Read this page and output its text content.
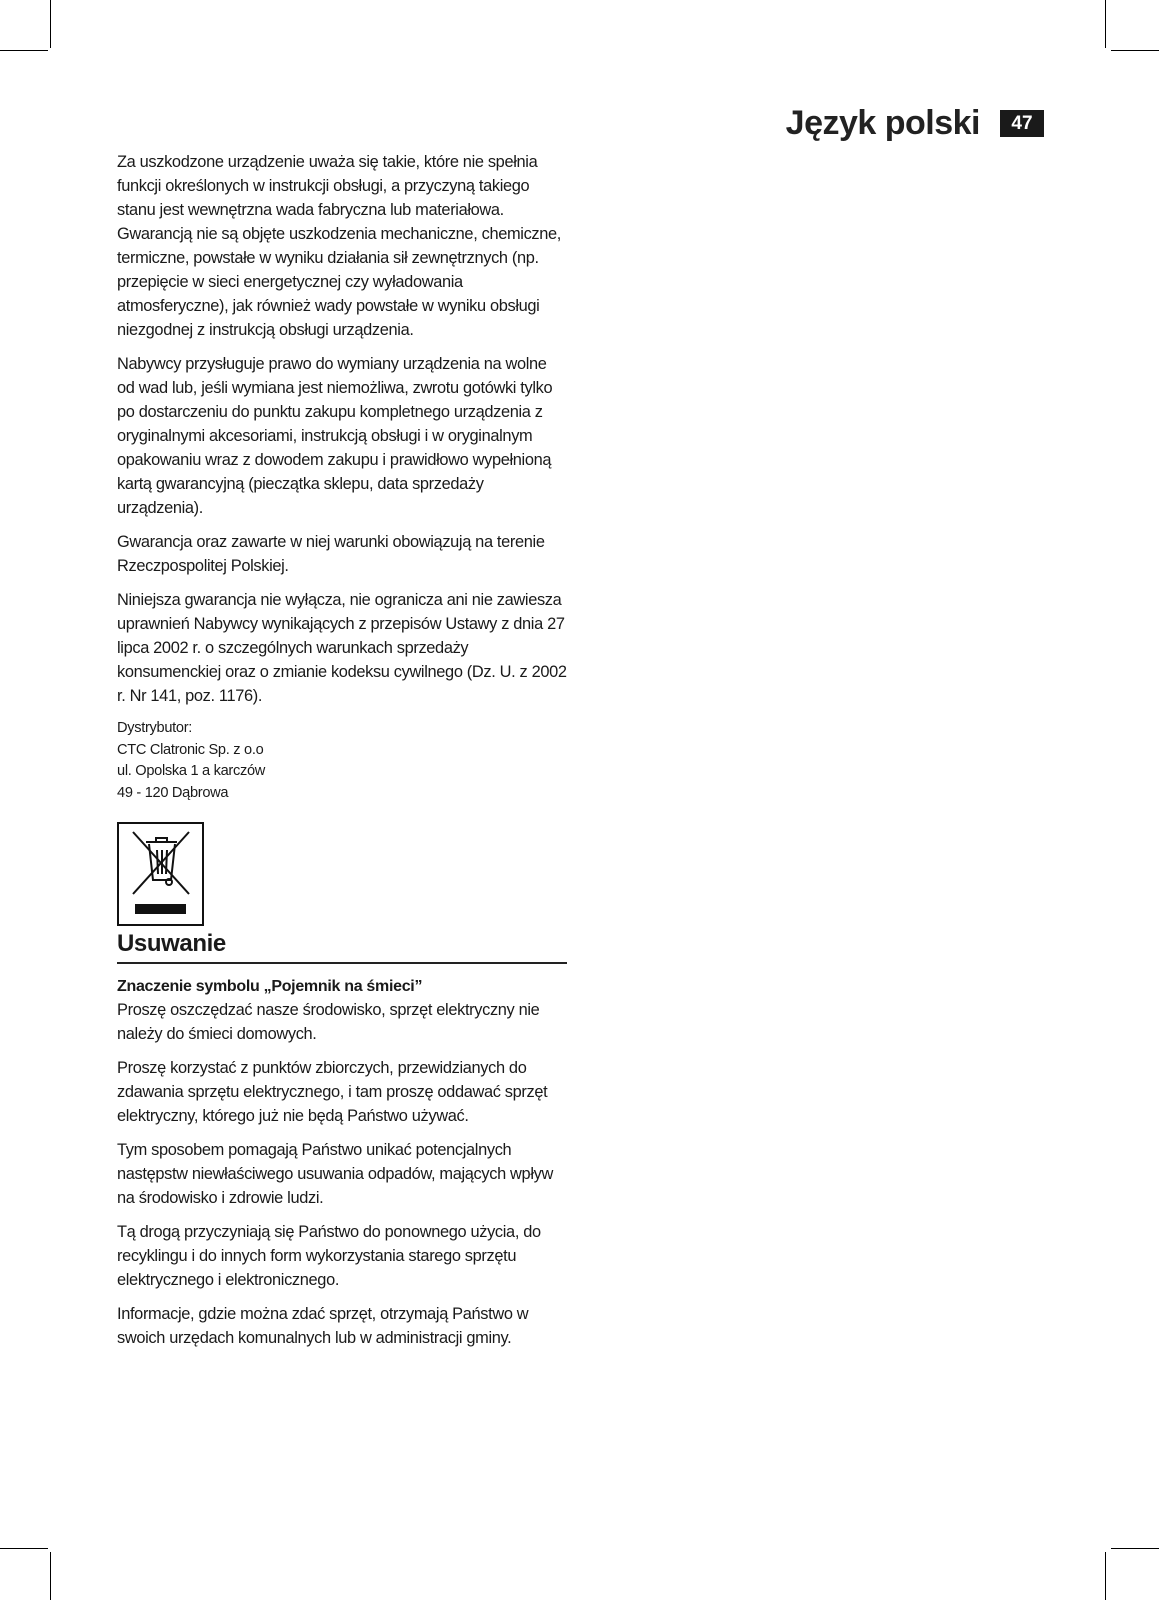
Język polski	47

Za uszkodzone urządzenie uważa się takie, które nie spełnia funkcji określonych w instrukcji obsługi, a przyczyną takiego stanu jest wewnętrzna wada fabryczna lub materiałowa. Gwarancją nie są objęte uszkodzenia mechaniczne, chemiczne, termiczne, powstałe w wyniku działania sił zewnętrznych (np. przepięcie w sieci energetycznej czy wyładowania atmosferyczne), jak również wady powstałe w wyniku obsługi niezgodnej z instrukcją obsługi urządzenia.

Nabywcy przysługuje prawo do wymiany urządzenia na wolne od wad lub, jeśli wymiana jest niemożliwa, zwrotu gotówki tylko po dostarczeniu do punktu zakupu kompletnego urządzenia z oryginalnymi akcesoriami, instrukcją obsługi i w oryginalnym opakowaniu wraz z dowodem zakupu i prawidłowo wypełnioną kartą gwarancyjną (pieczątka sklepu, data sprzedaży urządzenia).

Gwarancja oraz zawarte w niej warunki obowiązują na terenie Rzeczpospolitej Polskiej.

Niniejsza gwarancja nie wyłącza, nie ogranicza ani nie zawiesza uprawnień Nabywcy wynikających z przepisów Ustawy z dnia 27 lipca 2002 r. o szczególnych warunkach sprzedaży konsumenckiej oraz o zmianie kodeksu cywilnego (Dz. U. z 2002 r. Nr 141, poz. 1176).

Dystrybutor:
CTC Clatronic Sp. z o.o
ul. Opolska 1 a karczów
49 - 120 Dąbrowa
Usuwanie
Znaczenie symbolu „Pojemnik na śmieci”

Proszę oszczędzać nasze środowisko, sprzęt elektryczny nie należy do śmieci domowych.

Proszę korzystać z punktów zbiorczych, przewidzianych do zdawania sprzętu elektrycznego, i tam proszę oddawać sprzęt elektryczny, którego już nie będą Państwo używać.

Tym sposobem pomagają Państwo unikać potencjalnych następstw niewłaściwego usuwania odpadów, mających wpływ na środowisko i zdrowie ludzi.

Tą drogą przyczyniają się Państwo do ponownego użycia, do recyklingu i do innych form wykorzystania starego sprzętu elektrycznego i elektronicznego.

Informacje, gdzie można zdać sprzęt, otrzymają Państwo w swoich urzędach komunalnych lub w administracji gminy.
